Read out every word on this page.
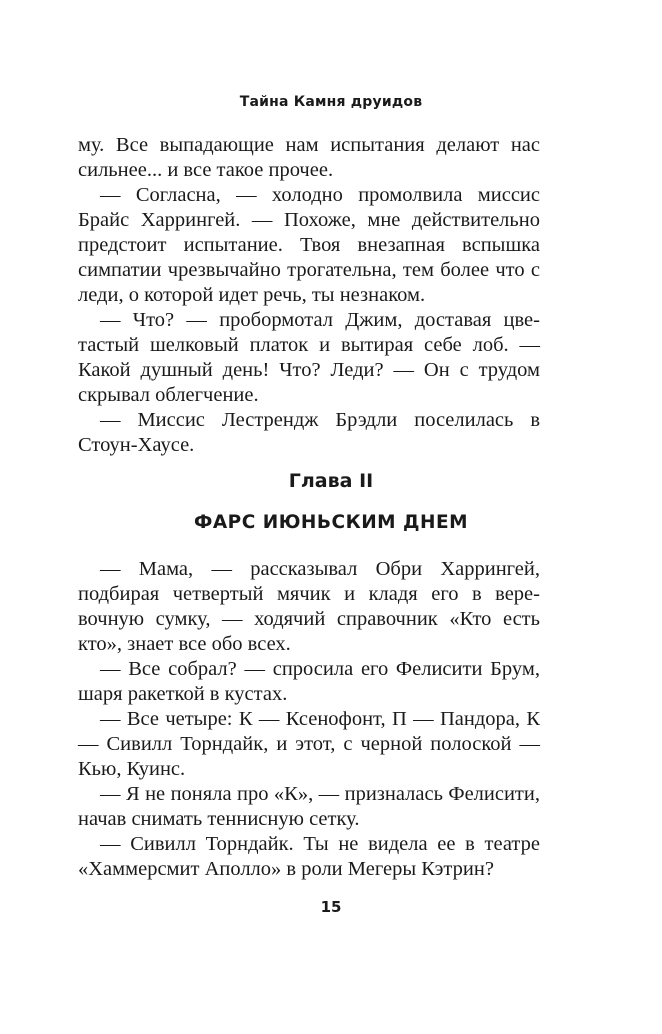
Тайна Камня друидов

му. Все выпадающие нам испытания делают нас сильнее... и все такое прочее.

— Согласна, — холодно промолвила миссис Брайс Харрингей. — Похоже, мне действительно предстоит испытание. Твоя внезапная вспышка симпатии чрезвычайно трогательна, тем более что с леди, о которой идет речь, ты незнаком.

— Что? — пробормотал Джим, доставая цветастый шелковый платок и вытирая себе лоб. — Какой душный день! Что? Леди? — Он с трудом скрывал облегчение.

— Миссис Лестрендж Брэдли поселилась в Стоун-Хаусе.

Глава II
ФАРС ИЮНЬСКИМ ДНЕМ

— Мама, — рассказывал Обри Харрингей, подбирая четвертый мячик и кладя его в веревочную сумку, — ходячий справочник «Кто есть кто», знает все обо всех.

— Все собрал? — спросила его Фелисити Брум, шаря ракеткой в кустах.

— Все четыре: К — Ксенофонт, П — Пандора, К — Сивилл Торндайк, и этот, с черной полоской — Кью, Куинс.

— Я не поняла про «К», — призналась Фелисити, начав снимать теннисную сетку.

— Сивилл Торндайк. Ты не видела ее в театре «Хаммерсмит Аполло» в роли Мегеры Кэтрин?

15
